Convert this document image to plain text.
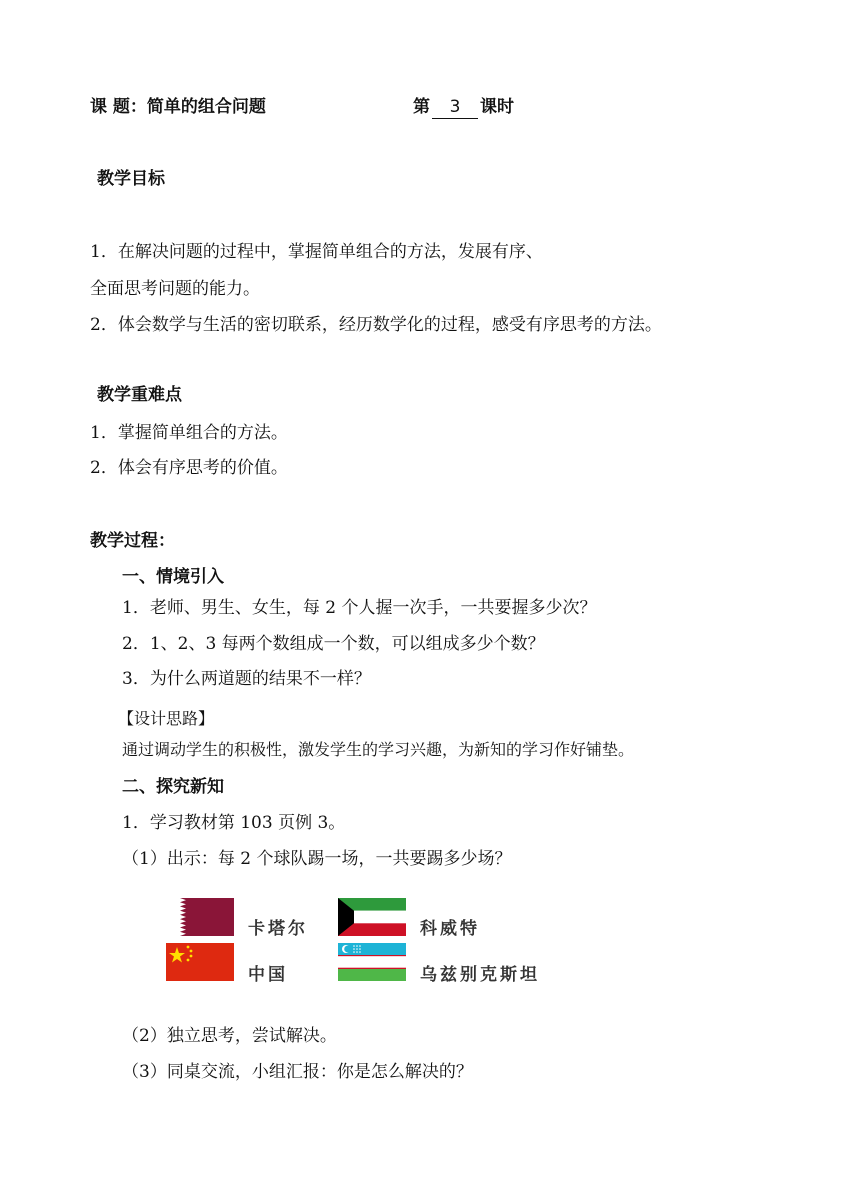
课 题：简单的组合问题	第 3 课时
教学目标
1．在解决问题的过程中，掌握简单组合的方法，发展有序、
全面思考问题的能力。
2．体会数学与生活的密切联系，经历数学化的过程，感受有序思考的方法。
教学重难点
1．掌握简单组合的方法。
2．体会有序思考的价值。
教学过程：
一、情境引入
1．老师、男生、女生，每 2 个人握一次手，一共要握多少次？
2．1、2、3 每两个数组成一个数，可以组成多少个数？
3．为什么两道题的结果不一样？
【设计思路】
通过调动学生的积极性，激发学生的学习兴趣，为新知的学习作好铺垫。
二、探究新知
1．学习教材第 103 页例 3。
（1）出示：每 2 个球队踢一场，一共要踢多少场？
卡塔尔	科威特
中国	乌兹别克斯坦
（2）独立思考，尝试解决。
（3）同桌交流，小组汇报：你是怎么解决的？
